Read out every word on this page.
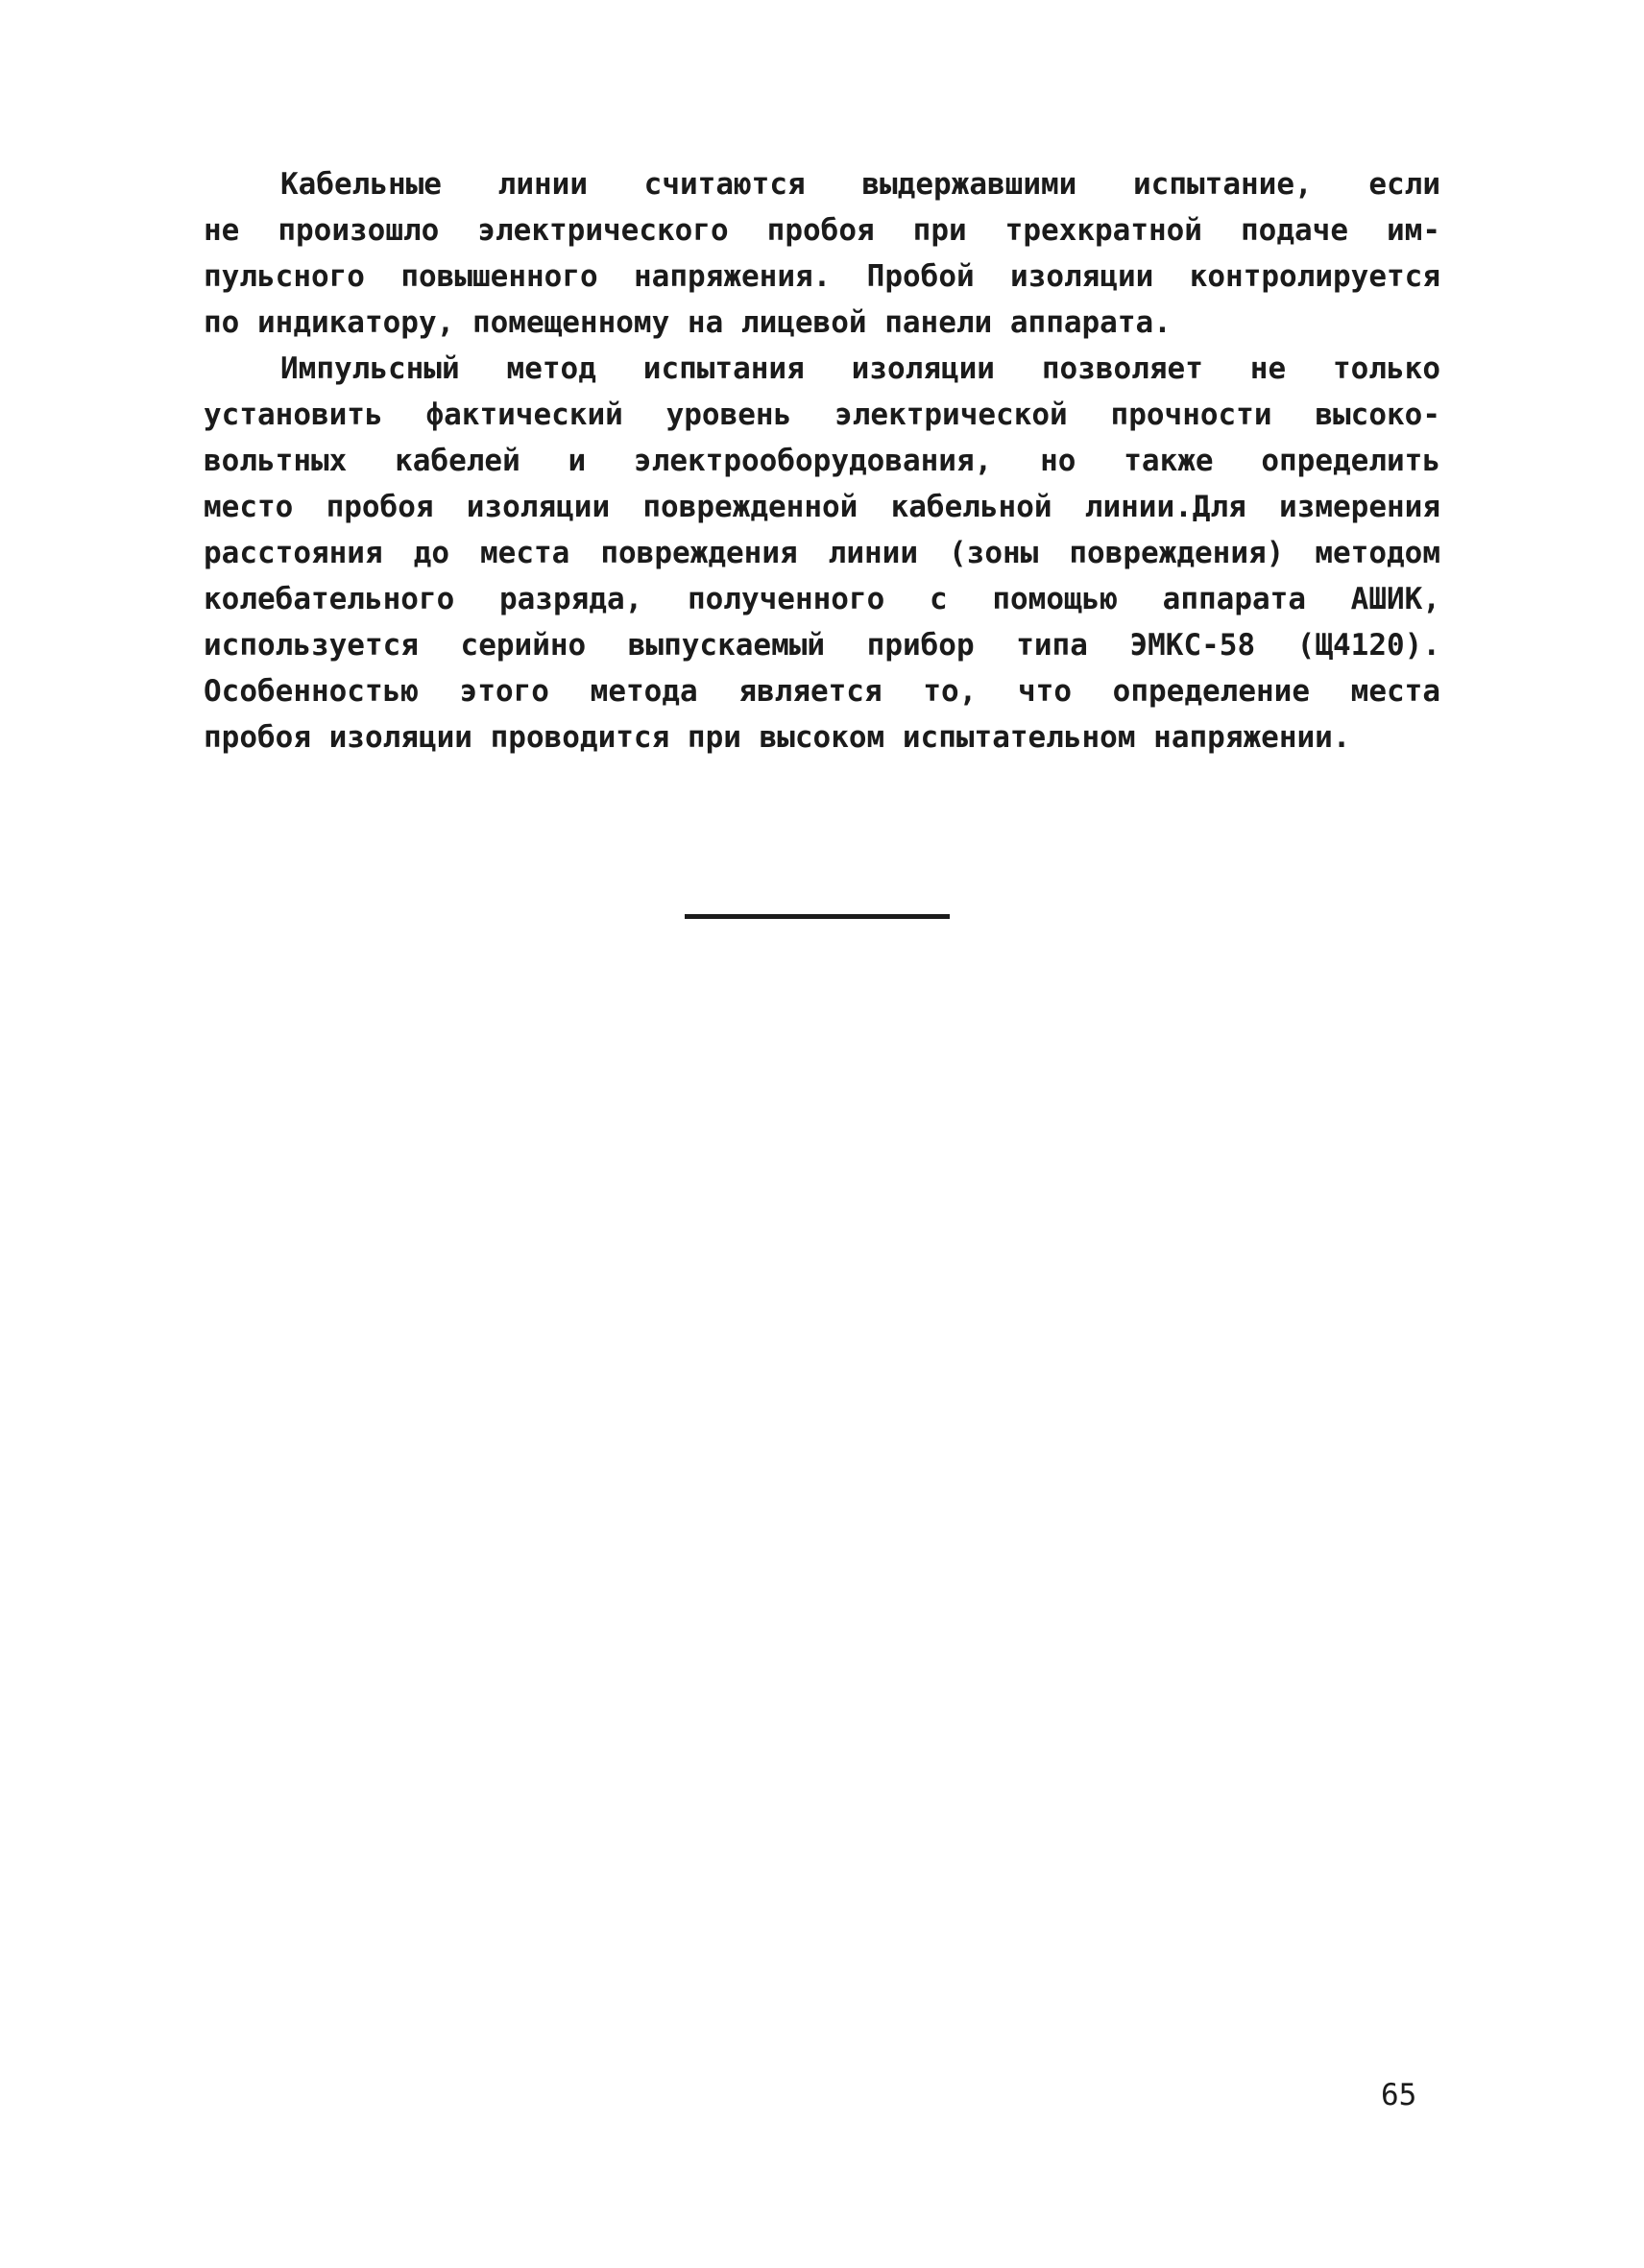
Кабельные линии считаются выдержавшими испытание, если
не произошло электрического пробоя при трехкратной подаче им-
пульсного повышенного напряжения. Пробой изоляции контролируется
по индикатору, помещенному на лицевой панели аппарата.
Импульсный метод испытания изоляции позволяет не только
установить фактический уровень электрической прочности высоко-
вольтных кабелей и электрооборудования, но также определить
место пробоя изоляции поврежденной кабельной линии.Для измерения
расстояния до места повреждения линии (зоны повреждения) методом
колебательного разряда, полученного с помощью аппарата АШИК,
используется серийно выпускаемый прибор типа ЭМКС-58 (Щ4120).
Особенностью этого метода является то, что определение места
пробоя изоляции проводится при высоком испытательном напряжении.
65
